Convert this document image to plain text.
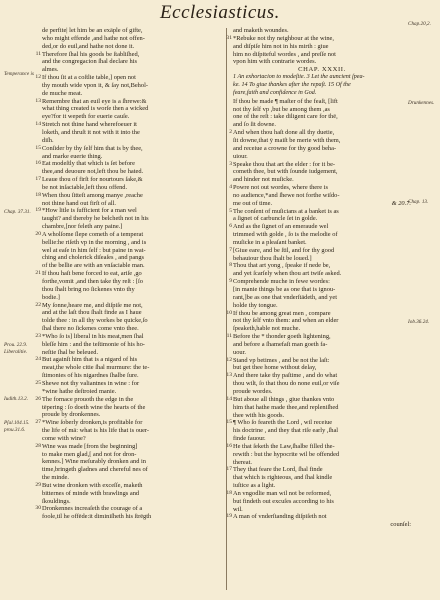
Ecclesiasticus.
de perfite| let him be an exāple of gifte,
who might effende ,and hathe not offen-
ded,or do euil,and hathe not done it.
11 Therefore ſhal his goods be ſtabliſhed,
and the congregacion ſhal declare his
almes.
12 If thou ſit at a coſtlie table,] open not
thy mouth wide vpon it, & ſay not,Behol-
de muche meat.
13 Remembre that an euil eye is a ſhrewe:&
what thing created is worſe then a wicked
eye?for it wepeth for euerie cauſe.
14 Stretch not thine hand wherefoeuer it
loketh, and thruſt it not with it into the
diſh.
15 Conſider by thy ſelf him that is by thee,
and marke euerie thing.
16 Eat modeſtly that which is ſet before
thee,and deuoure not,left thou be hated.
17 Leaue thou of firſt for nourtours ſake,&
be not inſaciable,left thou offend.
18 When thou ſitteſt among manye ,reache
not thine hand out firſt of all.
19 *How litle is ſufficient for a man wel
taught? and thereby he belcheth not in his
chambre,[nor feleth any paine.]
20 A wholſome ſlepe cometh of a temperat
bellie:he riſeth vp in the morning , and is
wel at eaſe in him ſelf : but paine in wat-
ching and cholerick diſeaſes , and pangs
of the bellie are with an vnſaciable man.
21 If thou haſt bene forced to eat, ariſe ,go
forthe,vomit ,and then take thy reſt : [ſo
thou ſhalt bring no ſickenes vnto thy
bodie.]
22 My ſonne,heare me, and diſpiſe me not,
and at the laſt thou ſhalt finde as I haue
tolde thee : in all thy workes be quicke,ſo
ſhal there no ſickenes come vnto thee.
23 *Who ſo is] liberal in his meat,men ſhal
bleſſe him : and the teſtimonie of his ho-
neſtie ſhal be beleued.
24 But againſt him that is a nigard of his
meat,the whole citie ſhal murmure: the te-
ſtimonies of his nigardnes ſhalbe ſure.
25 Shewe not thy valiantnes in wine : for
*wine hathe deſtroied manie.
26 The fornace prouoth the edge in the
tēpering : ſo doeth wine the hearts of the
proude by dronkennes.
27 *Wine ſoberly dronken,is profitable for
the life of mā: what is his life that is ouer-
come with wine?
28 Wine was made [from the beginning]
to make men glad,[ and not for dron-
kennes.] Wine meſurably dronken and in
time,bringeth gladnes and chereful nes of
the minde.
29 But wine dronken with exceſſe, maketh
bitternes of minde with brawlings and
ſkouldings.
30 Dronkennes increaſeth the courage of a
foole,til he offēde:it diminiſheth his ſtrēgth
and maketh woundes.
31 *Rebuke not thy neighbour at the wine,
and diſpiſe him not in his mirth : giue
him no diſpiteful wordes , and preſſe not
vpon him with contrarie wordes.
CHAP. XXXII.
1 An exhortacion to modeſtie. 3 Let the auncient ſpea-
ke. 14 To giue thankes after the repaſt. 15 Of the
feare,faith and confidence in God.
If thou be made ¶ maſter of the feaſt, [lift
not thy ſelf vp ,but be among them ,as
one of the reſt : take diligent care for thē,
and ſo ſit downe.
2 And when thou haſt done all thy duetie,
ſit downe,that ȳ maiſt be merie with them,
and receiue a crowne for thy good beha-
uiour.
3 Speake thou that art the elder : for it be-
cometh thee, but with ſounde iudgement,
and hinder not muſicke.
4 Powre not out wordes, where there is
no audience,*and ſhewe not forthe wiſdo-
me out of time.	& 20.7.
5 The conſent of muſicians at a banket is as
a ſignet of carbuncle ſet in golde.
6 And as the ſignet of an emeraude wel
trimmed with golde , ſo is the melodie of
muſicke in a pleaſant banket.
7 [Giue eare, and be ſtil, and for thy good
behauiour thou ſhalt be loued.]
8 Thou that art yong , ſpeake if nede be,
and yet ſcarſely when thou art twiſe asked.
9 Comprehende muche in fewe wordes:
[in manie things be as one that is ignou-
rant,]be as one that vnderſtādeth, and yet
holde thy tongue.
10 If thou be among great men , compare
not thy ſelf vnto them: and when an elder
ſpeaketh,hable not muche.
11 Before the * thonder goeth lightening,
and before a ſhamefaſt man goeth fa-
uour.
12 Stand vp betimes , and be not the laſt:
but get thee home without delay,
13 And there take thy paſtime , and do what
thou wilt, ſo that thou do none euil,or viſe
proude wordes.
14 But aboue all things , giue thankes vnto
him that hathe made thee,and repleniſhed
thee with his goods.
15 ¶ Who ſo feareth the Lord , wil receiue
his doctrine , and they that riſe early ,ſhal
finde fauour.
16 He that ſeketh the Law,ſhalbe filled the-
rewith : but the hypocrite wil be offended
thereat.
17 They that feare the Lord, ſhal finde
that which is righteous, and ſhal kindle
iuſtice as a light.
18 An vngodlie man wil not be reformed,
but findeth out excuſes according to his
wil.
19 A man of vnderſtanding diſpiſeth not
counſel:
Temperance is
Chap. 37.31.
Prou. 22.9.
Liberalitie.
Iudith.13.2.
Pſal.104.15.
prou.31.6.
Chap.20,2.
Drunkennes.
Chap. 13.
Iob.36.24.
